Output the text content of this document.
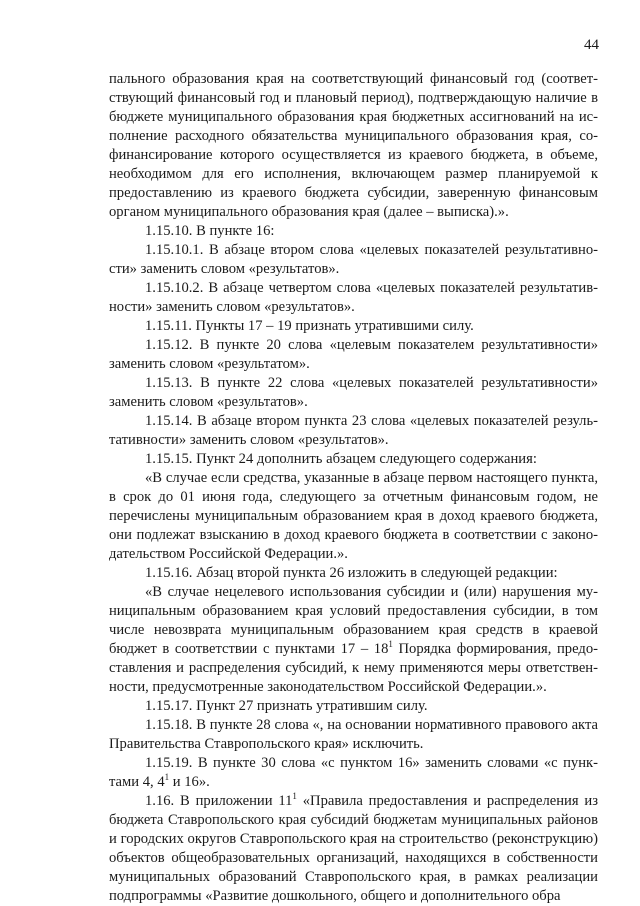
44

пального образования края на соответствующий финансовый год (соответствующий финансовый год и плановый период), подтверждающую наличие в бюджете муниципального образования края бюджетных ассигнований на исполнение расходного обязательства муниципального образования края, софинансирование которого осуществляется из краевого бюджета, в объеме, необходимом для его исполнения, включающем размер планируемой к предоставлению из краевого бюджета субсидии, заверенную финансовым органом муниципального образования края (далее – выписка).».

1.15.10. В пункте 16:

1.15.10.1. В абзаце втором слова «целевых показателей результативности» заменить словом «результатов».

1.15.10.2. В абзаце четвертом слова «целевых показателей результативности» заменить словом «результатов».

1.15.11. Пункты 17 – 19 признать утратившими силу.

1.15.12. В пункте 20 слова «целевым показателем результативности» заменить словом «результатом».

1.15.13. В пункте 22 слова «целевых показателей результативности» заменить словом «результатов».

1.15.14. В абзаце втором пункта 23 слова «целевых показателей результативности» заменить словом «результатов».

1.15.15. Пункт 24 дополнить абзацем следующего содержания:

«В случае если средства, указанные в абзаце первом настоящего пункта, в срок до 01 июня года, следующего за отчетным финансовым годом, не перечислены муниципальным образованием края в доход краевого бюджета, они подлежат взысканию в доход краевого бюджета в соответствии с законодательством Российской Федерации.».

1.15.16. Абзац второй пункта 26 изложить в следующей редакции:

«В случае нецелевого использования субсидии и (или) нарушения муниципальным образованием края условий предоставления субсидии, в том числе невозврата муниципальным образованием края средств в краевой бюджет в соответствии с пунктами $17 - 18^1$ Порядка формирования, предоставления и распределения субсидий, к нему применяются меры ответственности, предусмотренные законодательством Российской Федерации.».

1.15.17. Пункт 27 признать утратившим силу.

1.15.18. В пункте 28 слова «, на основании нормативного правового акта Правительства Ставропольского края» исключить.

1.15.19. В пункте 30 слова «с пунктом 16» заменить словами «с пунктами 4, $4^1$ и 16».

1.16. В приложении $11^1$ «Правила предоставления и распределения из бюджета Ставропольского края субсидий бюджетам муниципальных районов и городских округов Ставропольского края на строительство (реконструкцию) объектов общеобразовательных организаций, находящихся в собственности муниципальных образований Ставропольского края, в рамках реализации подпрограммы «Развитие дошкольного, общего и дополнительного обра
